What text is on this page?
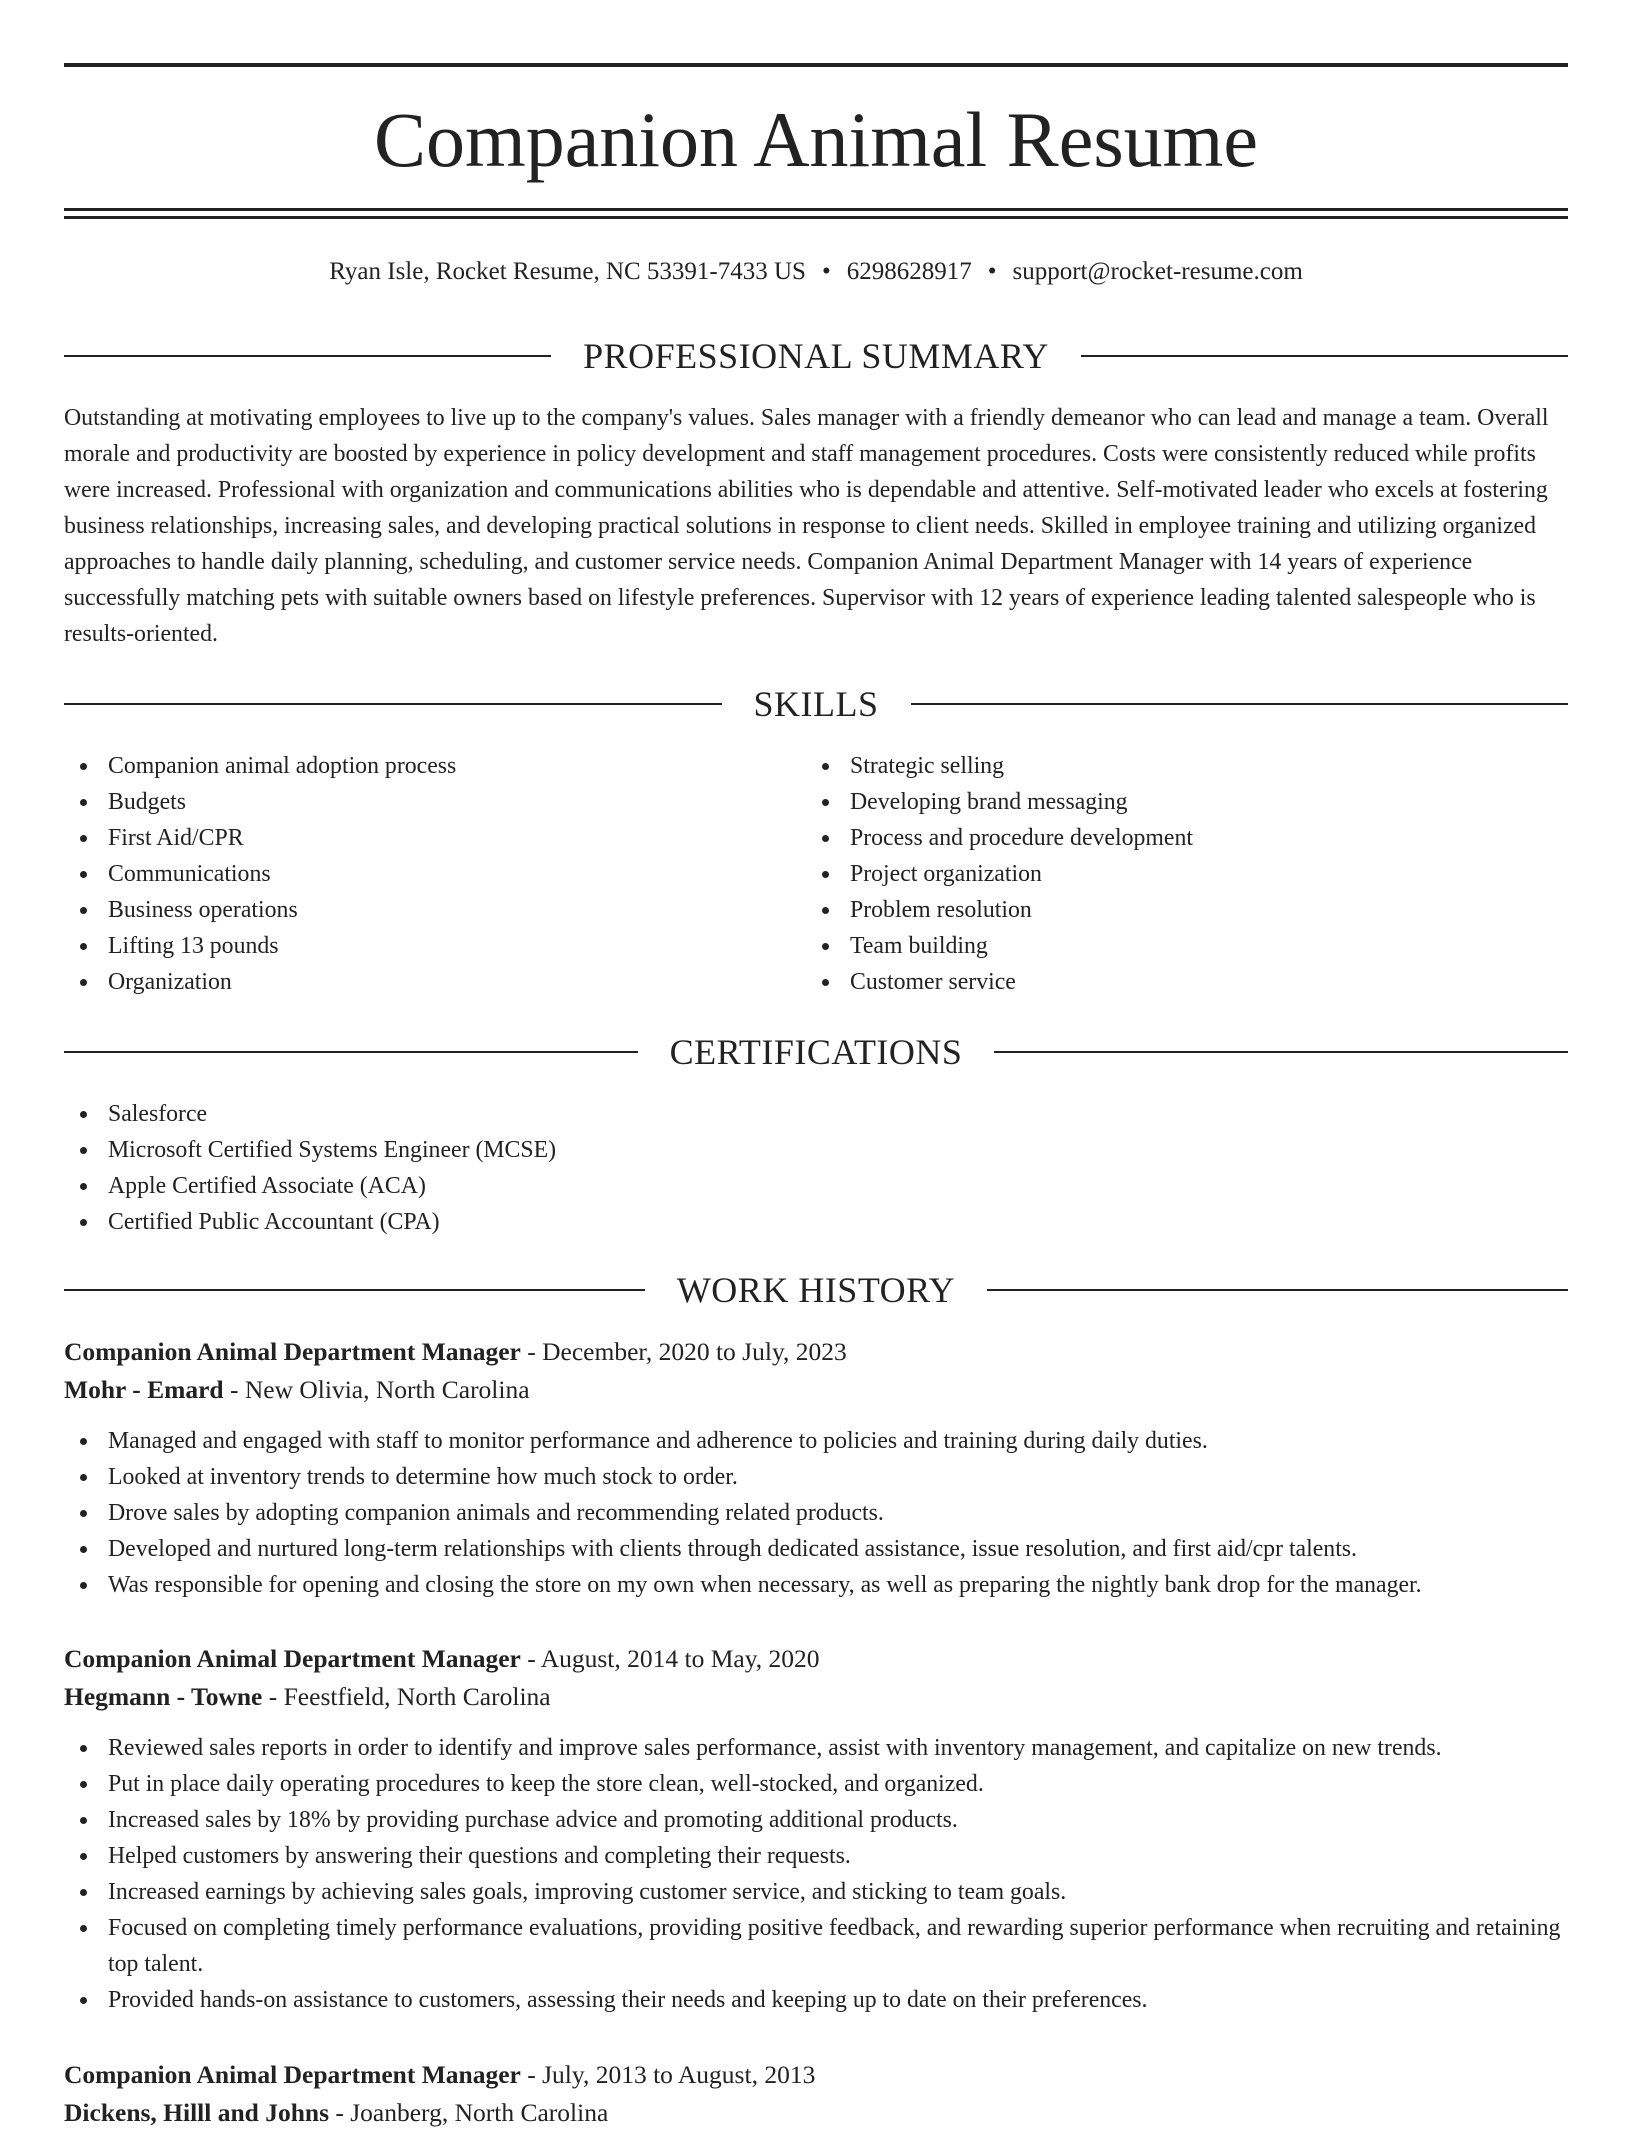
Companion Animal Resume
Ryan Isle, Rocket Resume, NC 53391-7433 US • 6298628917 • support@rocket-resume.com
PROFESSIONAL SUMMARY

Outstanding at motivating employees to live up to the company's values. Sales manager with a friendly demeanor who can lead and manage a team. Overall morale and productivity are boosted by experience in policy development and staff management procedures. Costs were consistently reduced while profits were increased. Professional with organization and communications abilities who is dependable and attentive. Self-motivated leader who excels at fostering business relationships, increasing sales, and developing practical solutions in response to client needs. Skilled in employee training and utilizing organized approaches to handle daily planning, scheduling, and customer service needs. Companion Animal Department Manager with 14 years of experience successfully matching pets with suitable owners based on lifestyle preferences. Supervisor with 12 years of experience leading talented salespeople who is results-oriented.

SKILLS
Companion animal adoption process
Budgets
First Aid/CPR
Communications
Business operations
Lifting 13 pounds
Organization
Strategic selling
Developing brand messaging
Process and procedure development
Project organization
Problem resolution
Team building
Customer service
CERTIFICATIONS
Salesforce
Microsoft Certified Systems Engineer (MCSE)
Apple Certified Associate (ACA)
Certified Public Accountant (CPA)
WORK HISTORY
Companion Animal Department Manager - December, 2020 to July, 2023
Mohr - Emard - New Olivia, North Carolina
Managed and engaged with staff to monitor performance and adherence to policies and training during daily duties.
Looked at inventory trends to determine how much stock to order.
Drove sales by adopting companion animals and recommending related products.
Developed and nurtured long-term relationships with clients through dedicated assistance, issue resolution, and first aid/cpr talents.
Was responsible for opening and closing the store on my own when necessary, as well as preparing the nightly bank drop for the manager.
Companion Animal Department Manager - August, 2014 to May, 2020
Hegmann - Towne - Feestfield, North Carolina
Reviewed sales reports in order to identify and improve sales performance, assist with inventory management, and capitalize on new trends.
Put in place daily operating procedures to keep the store clean, well-stocked, and organized.
Increased sales by 18% by providing purchase advice and promoting additional products.
Helped customers by answering their questions and completing their requests.
Increased earnings by achieving sales goals, improving customer service, and sticking to team goals.
Focused on completing timely performance evaluations, providing positive feedback, and rewarding superior performance when recruiting and retaining top talent.
Provided hands-on assistance to customers, assessing their needs and keeping up to date on their preferences.
Companion Animal Department Manager - July, 2013 to August, 2013
Dickens, Hilll and Johns - Joanberg, North Carolina
